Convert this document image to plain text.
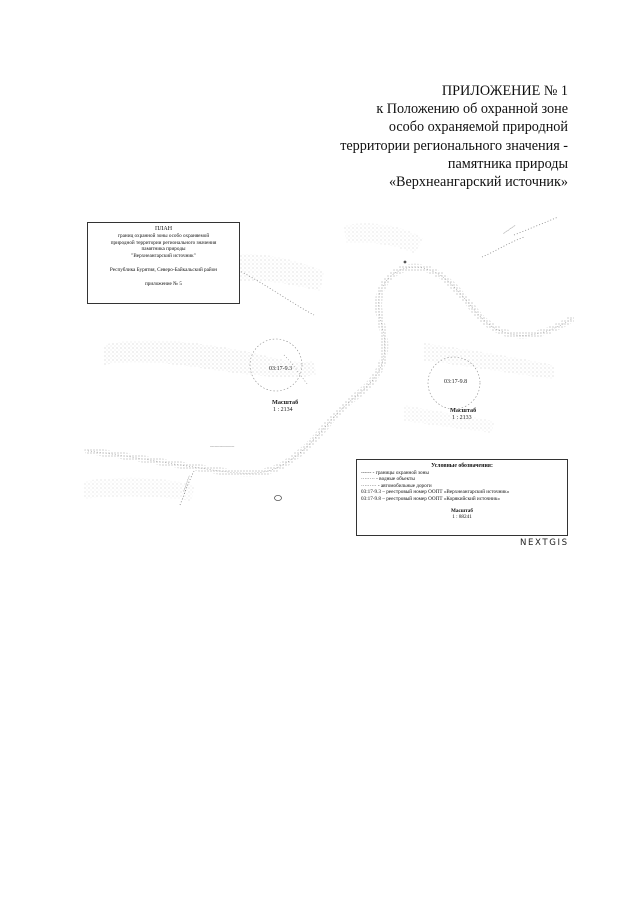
ПРИЛОЖЕНИЕ № 1
к Положению об охранной зоне
особо охраняемой природной
территории регионального значения -
памятника природы
«Верхнеангарский источник»
~~~~~~~~~~
~~~~~~~
~~~~~~
03:17-9.3
Масштаб
1 : 2134
03:17-9.8
Масштаб
1 : 2133
ПЛАН
границ охранной зоны особо охраняемой
природной территории регионального значения
памятника природы
"Верхнеангарский источник"
Республика Бурятия, Северо-Байкальский район
приложение № 5
Условные обозначения:
------ - границы охранной зоны
········ - водные объекты
········· - автомобильные дороги
03:17-9.3 – реестровый номер ООПТ «Верхнеангарский источник»
03:17-9.8 – реестровый номер ООПТ «Корякийский источник»
Масштаб
1 : 88241
NEXTGIS
